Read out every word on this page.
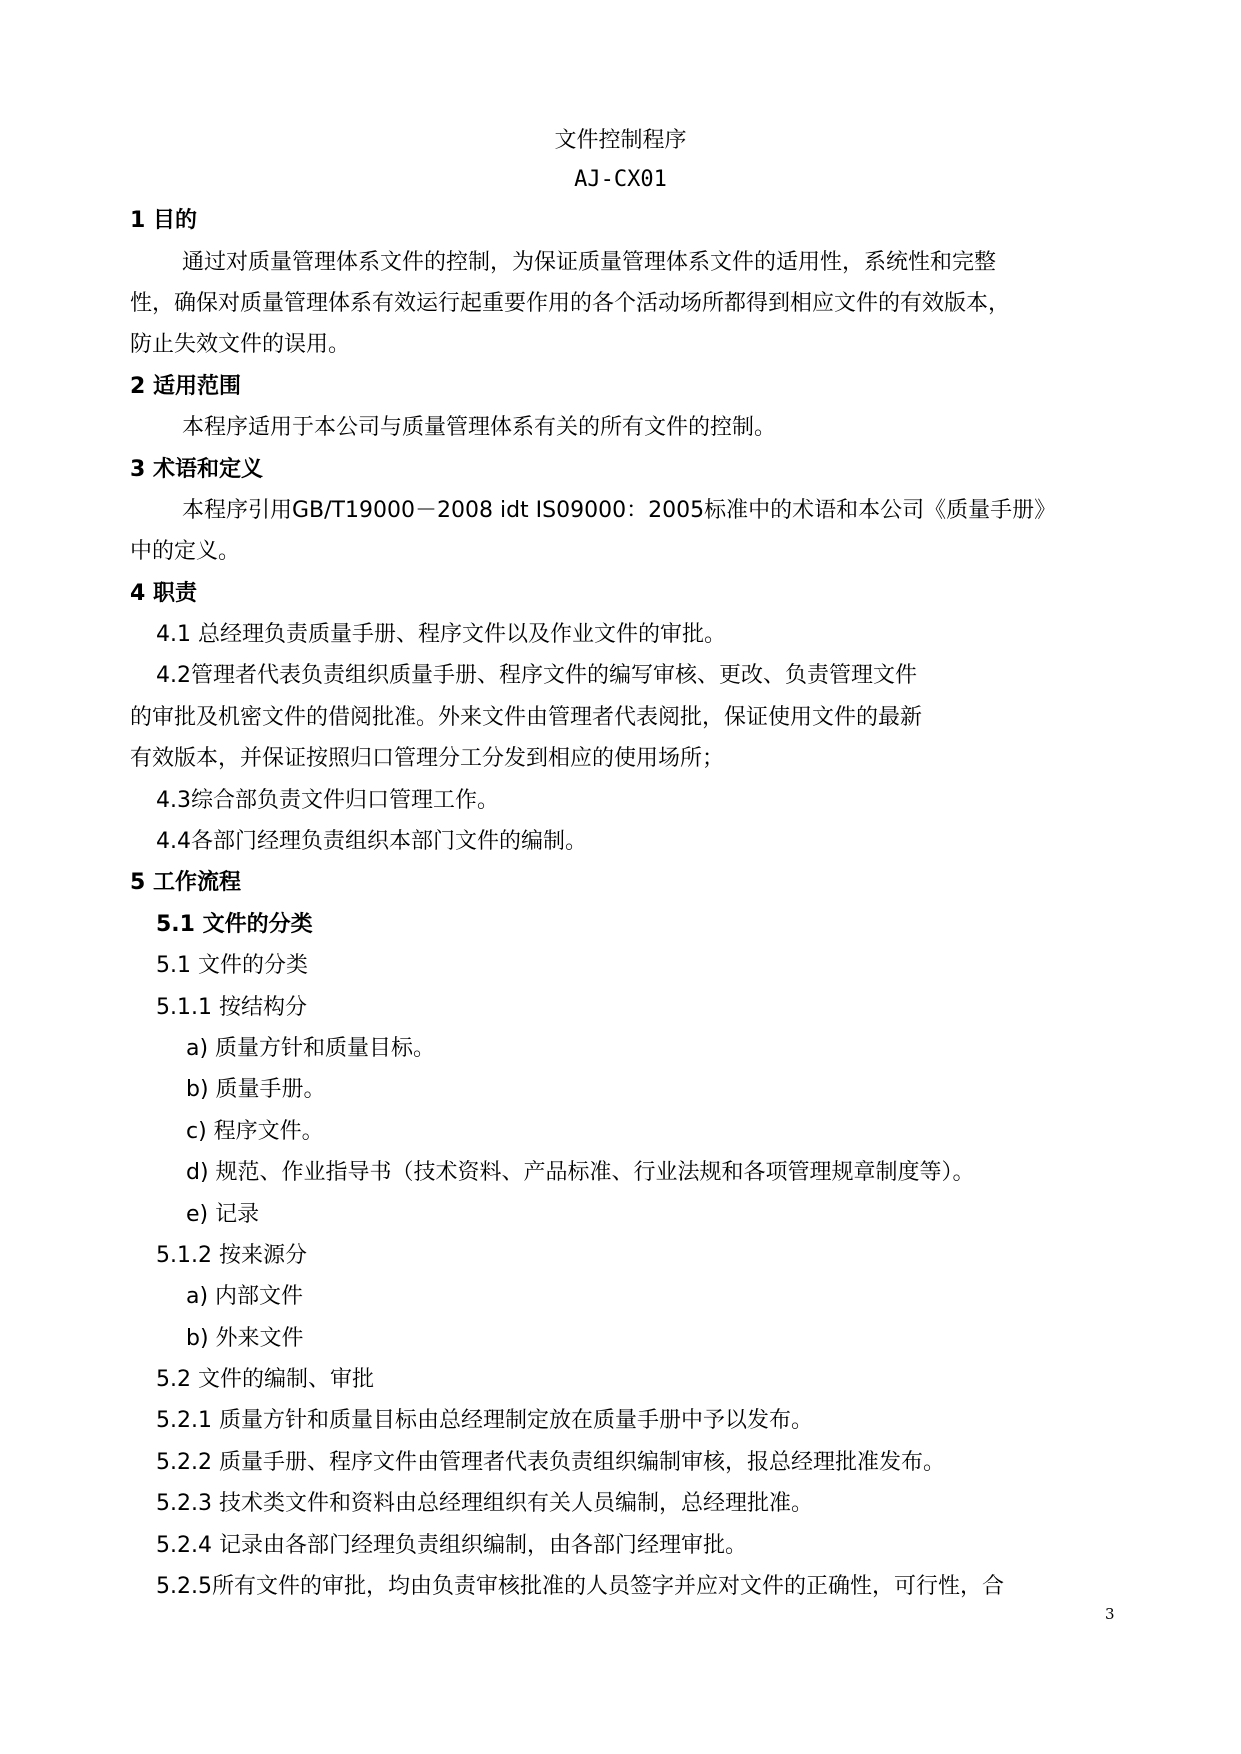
文件控制程序
AJ-CX01
1 目的
通过对质量管理体系文件的控制，为保证质量管理体系文件的适用性，系统性和完整
性，确保对质量管理体系有效运行起重要作用的各个活动场所都得到相应文件的有效版本，
防止失效文件的误用。
2 适用范围
本程序适用于本公司与质量管理体系有关的所有文件的控制。
3 术语和定义
本程序引用GB/T19000－2008 idt IS09000：2005标准中的术语和本公司《质量手册》
中的定义。
4 职责
4.1 总经理负责质量手册、程序文件以及作业文件的审批。
4.2管理者代表负责组织质量手册、程序文件的编写审核、更改、负责管理文件
的审批及机密文件的借阅批准。外来文件由管理者代表阅批，保证使用文件的最新
有效版本，并保证按照归口管理分工分发到相应的使用场所；
4.3综合部负责文件归口管理工作。
4.4各部门经理负责组织本部门文件的编制。
5 工作流程
5.1 文件的分类
5.1 文件的分类
5.1.1 按结构分
a) 质量方针和质量目标。
b) 质量手册。
c) 程序文件。
d) 规范、作业指导书（技术资料、产品标准、行业法规和各项管理规章制度等）。
e) 记录
5.1.2 按来源分
a) 内部文件
b) 外来文件
5.2 文件的编制、审批
5.2.1 质量方针和质量目标由总经理制定放在质量手册中予以发布。
5.2.2 质量手册、程序文件由管理者代表负责组织编制审核，报总经理批准发布。
5.2.3 技术类文件和资料由总经理组织有关人员编制，总经理批准。
5.2.4 记录由各部门经理负责组织编制，由各部门经理审批。
5.2.5所有文件的审批，均由负责审核批准的人员签字并应对文件的正确性，可行性，合
3
